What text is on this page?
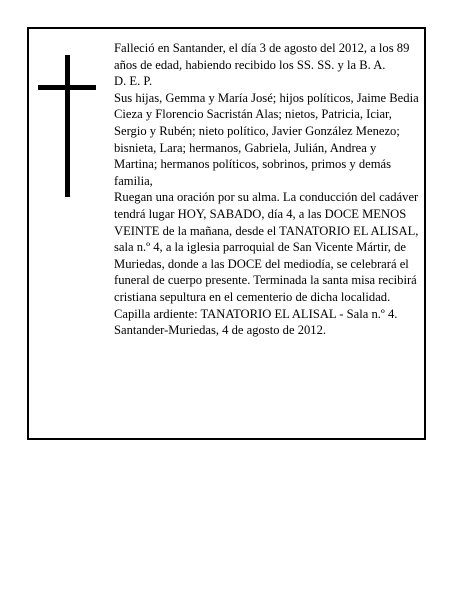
Falleció en Santander, el día 3 de agosto del 2012, a los 89 años de edad, habiendo recibido los SS. SS. y la B. A.

D. E. P.

Sus hijas, Gemma y María José; hijos políticos, Jaime Bedia Cieza y Florencio Sacristán Alas; nietos, Patricia, Iciar, Sergio y Rubén; nieto político, Javier González Menezo; bisnieta, Lara; hermanos, Gabriela, Julián, Andrea y Martina; hermanos políticos, sobrinos, primos y demás familia,

Ruegan una oración por su alma. La conducción del cadáver tendrá lugar HOY, SABADO, día 4, a las DOCE MENOS VEINTE de la mañana, desde el TANATORIO EL ALISAL, sala n.º 4, a la iglesia parroquial de San Vicente Mártir, de Muriedas, donde a las DOCE del mediodía, se celebrará el funeral de cuerpo presente. Terminada la santa misa recibirá cristiana sepultura en el cementerio de dicha localidad.

Capilla ardiente: TANATORIO EL ALISAL - Sala n.º 4.

Santander-Muriedas, 4 de agosto de 2012.
